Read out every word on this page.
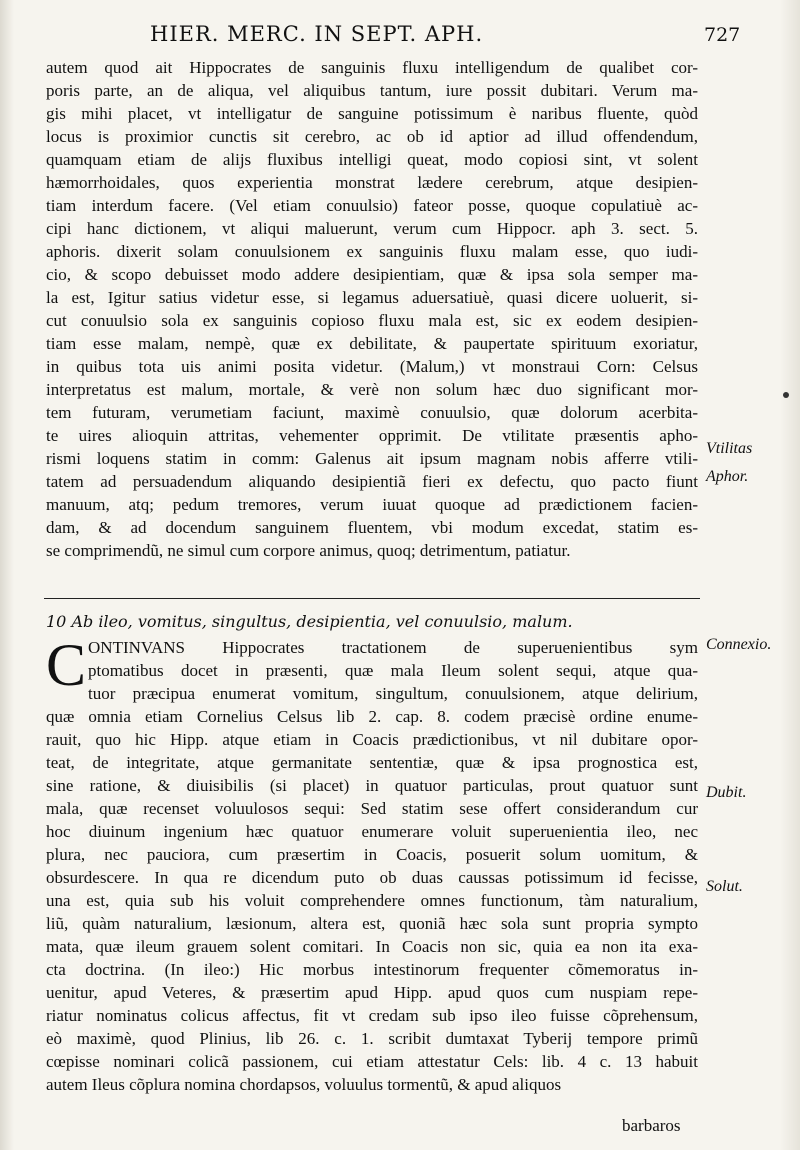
HIER. MERC. IN SEPT. APH.	727
autem quod ait Hippocrates de sanguinis fluxu intelligendum de qualibet cor-
poris parte, an de aliqua, vel aliquibus tantum, iure possit dubitari. Verum ma-
gis mihi placet, vt intelligatur de sanguine potissimum è naribus fluente, quòd
locus is proximior cunctis sit cerebro, ac ob id aptior ad illud offendendum,
quamquam etiam de alijs fluxibus intelligi queat, modo copiosi sint, vt solent
hæmorrhoidales, quos experientia monstrat lædere cerebrum, atque desipien-
tiam interdum facere. (Vel etiam conuulsio) fateor posse, quoque copulatiuè ac-
cipi hanc dictionem, vt aliqui maluerunt, verum cum Hippocr. aph 3. sect. 5.
aphoris. dixerit solam conuulsionem ex sanguinis fluxu malam esse, quo iudi-
cio, & scopo debuisset modo addere desipientiam, quæ & ipsa sola semper ma-
la est, Igitur satius videtur esse, si legamus aduersatiuè, quasi dicere uoluerit, si-
cut conuulsio sola ex sanguinis copioso fluxu mala est, sic ex eodem desipien-
tiam esse malam, nempè, quæ ex debilitate, & paupertate spirituum exoriatur,
in quibus tota uis animi posita videtur. (Malum,) vt monstraui Corn: Celsus
interpretatus est malum, mortale, & verè non solum hæc duo significant mor-
tem futuram, verumetiam faciunt, maximè conuulsio, quæ dolorum acerbita-
te uires alioquin attritas, vehementer opprimit. De vtilitate præsentis apho-
rismi loquens statim in comm: Galenus ait ipsum magnam nobis afferre vtili-
tatem ad persuadendum aliquando desipientiã fieri ex defectu, quo pacto fiunt
manuum, atq; pedum tremores, verum iuuat quoque ad prædictionem facien-
dam, & ad docendum sanguinem fluentem, vbi modum excedat, statim es-
se comprimendũ, ne simul cum corpore animus, quoq; detrimentum, patiatur.
10 Ab ileo, vomitus, singultus, desipientia, vel conuulsio, malum.
C ONTINVANS Hippocrates tractationem de superuenientibus sym
ptomatibus docet in præsenti, quæ mala Ileum solent sequi, atque qua-
tuor præcipua enumerat vomitum, singultum, conuulsionem, atque delirium,
quæ omnia etiam Cornelius Celsus lib 2. cap. 8. codem præcisè ordine enume-
rauit, quo hic Hipp. atque etiam in Coacis prædictionibus, vt nil dubitare opor-
teat, de integritate, atque germanitate sententiæ, quæ & ipsa prognostica est,
sine ratione, & diuisibilis (si placet) in quatuor particulas, prout quatuor sunt
mala, quæ recenset voluulosos sequi: Sed statim sese offert considerandum cur
hoc diuinum ingenium hæc quatuor enumerare voluit superuenientia ileo, nec
plura, nec pauciora, cum præsertim in Coacis, posuerit solum uomitum, &
obsurdescere. In qua re dicendum puto ob duas caussas potissimum id fecisse,
una est, quia sub his voluit comprehendere omnes functionum, tàm naturalium,
liũ, quàm naturalium, læsionum, altera est, quoniã hæc sola sunt propria sympto
mata, quæ ileum grauem solent comitari. In Coacis non sic, quia ea non ita exa-
cta doctrina. (In ileo:) Hic morbus intestinorum frequenter cõmemoratus in-
uenitur, apud Veteres, & præsertim apud Hipp. apud quos cum nuspiam repe-
riatur nominatus colicus affectus, fit vt credam sub ipso ileo fuisse cõprehensum,
eò maximè, quod Plinius, lib 26. c. 1. scribit dumtaxat Tyberij tempore primũ
cœpisse nominari colicã passionem, cui etiam attestatur Cels: lib. 4 c. 13 habuit
autem Ileus cõplura nomina chordapsos, voluulus tormentũ, & apud aliquos
Vtilitas
Aphor.
Connexio.
Dubit.
Solut.
barbaros
